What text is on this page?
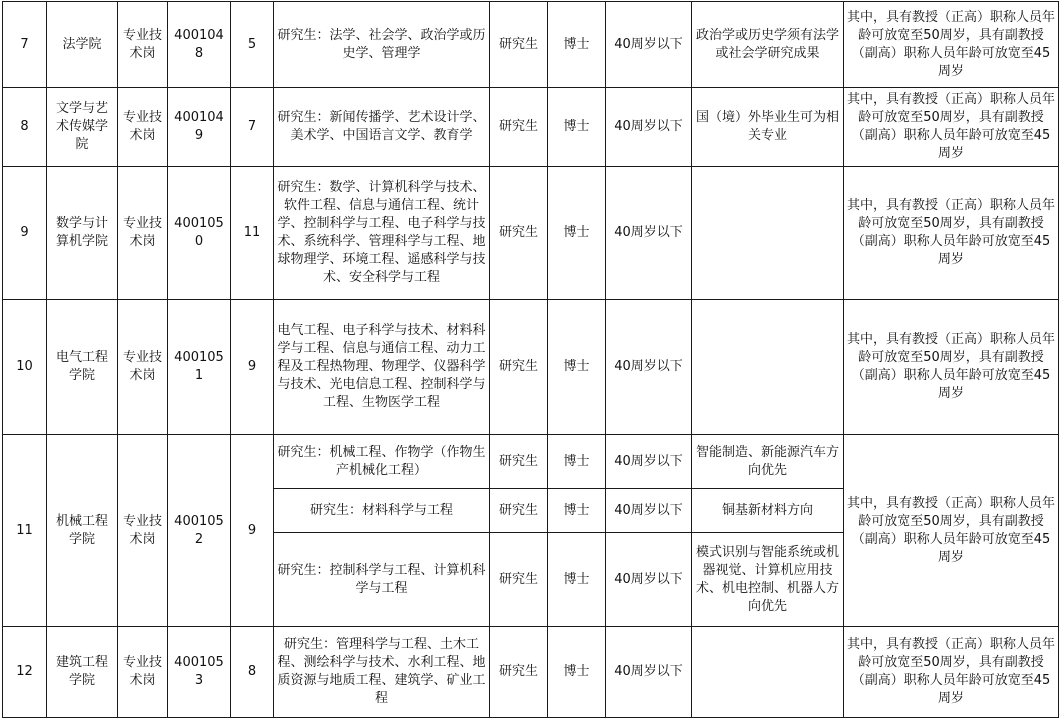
7	法学院	专业技术岗	4001048	5	研究生：法学、社会学、政治学或历史学、管理学	研究生	博士	40周岁以下	政治学或历史学须有法学或社会学研究成果	其中，具有教授（正高）职称人员年龄可放宽至50周岁，具有副教授（副高）职称人员年龄可放宽至45周岁
8	文学与艺术传媒学院	专业技术岗	4001049	7	研究生：新闻传播学、艺术设计学、美术学、中国语言文学、教育学	研究生	博士	40周岁以下	国（境）外毕业生可为相关专业	其中，具有教授（正高）职称人员年龄可放宽至50周岁，具有副教授（副高）职称人员年龄可放宽至45周岁
9	数学与计算机学院	专业技术岗	4001050	11	研究生：数学、计算机科学与技术、软件工程、信息与通信工程、统计学、控制科学与工程、电子科学与技术、系统科学、管理科学与工程、地球物理学、环境工程、遥感科学与技术、安全科学与工程	研究生	博士	40周岁以下		其中，具有教授（正高）职称人员年龄可放宽至50周岁，具有副教授（副高）职称人员年龄可放宽至45周岁
10	电气工程学院	专业技术岗	4001051	9	电气工程、电子科学与技术、材料科学与工程、信息与通信工程、动力工程及工程热物理、物理学、仪器科学与技术、光电信息工程、控制科学与工程、生物医学工程	研究生	博士	40周岁以下		其中，具有教授（正高）职称人员年龄可放宽至50周岁，具有副教授（副高）职称人员年龄可放宽至45周岁
11	机械工程学院	专业技术岗	4001052	9	研究生：机械工程、作物学（作物生产机械化工程）	研究生	博士	40周岁以下	智能制造、新能源汽车方向优先	其中，具有教授（正高）职称人员年龄可放宽至50周岁，具有副教授（副高）职称人员年龄可放宽至45周岁
					研究生：材料科学与工程	研究生	博士	40周岁以下	铜基新材料方向	
					研究生：控制科学与工程、计算机科学与工程	研究生	博士	40周岁以下	模式识别与智能系统或机器视觉、计算机应用技术、机电控制、机器人方向优先	
12	建筑工程学院	专业技术岗	4001053	8	研究生：管理科学与工程、土木工程、测绘科学与技术、水利工程、地质资源与地质工程、建筑学、矿业工程	研究生	博士	40周岁以下		其中，具有教授（正高）职称人员年龄可放宽至50周岁，具有副教授（副高）职称人员年龄可放宽至45周岁
